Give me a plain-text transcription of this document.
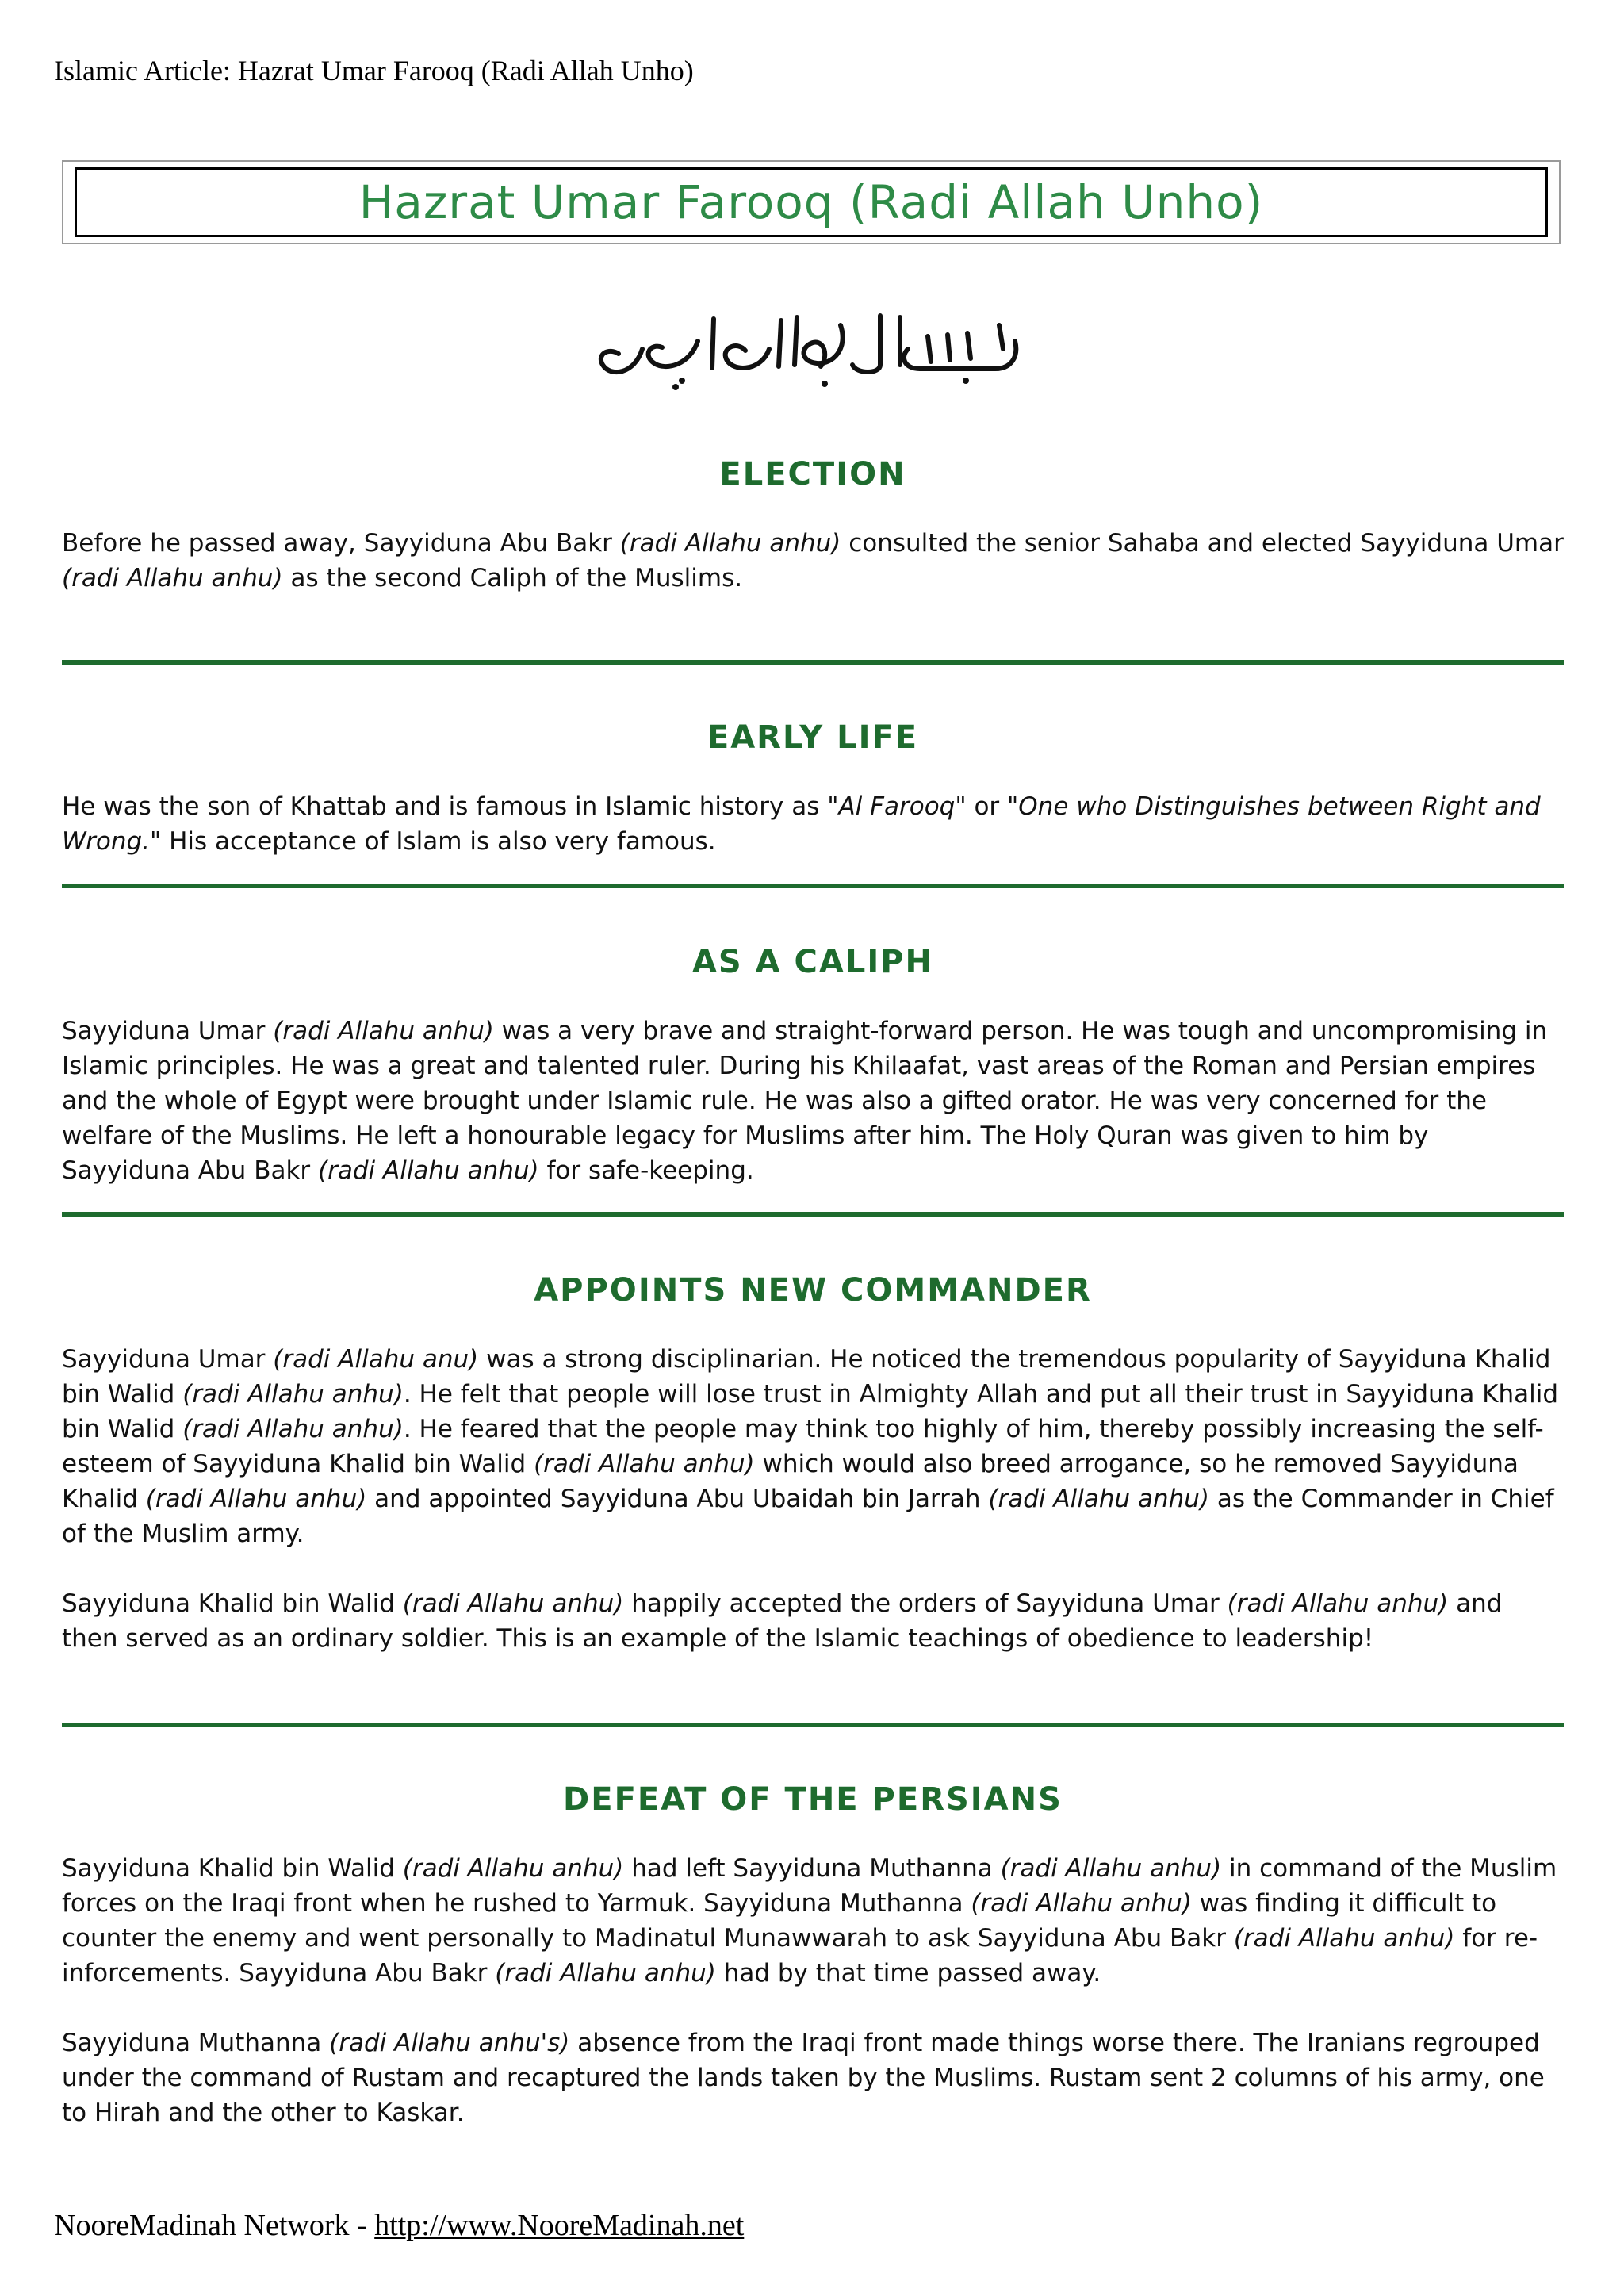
Islamic Article: Hazrat Umar Farooq (Radi Allah Unho)
Hazrat Umar Farooq (Radi Allah Unho)
ELECTION

Before he passed away, Sayyiduna Abu Bakr (radi Allahu anhu) consulted the senior Sahaba and elected Sayyiduna Umar (radi Allahu anhu) as the second Caliph of the Muslims.

EARLY LIFE

He was the son of Khattab and is famous in Islamic history as "Al Farooq" or "One who Distinguishes between Right and Wrong." His acceptance of Islam is also very famous.

AS A CALIPH

Sayyiduna Umar (radi Allahu anhu) was a very brave and straight-forward person. He was tough and uncompromising in Islamic principles. He was a great and talented ruler. During his Khilaafat, vast areas of the Roman and Persian empires and the whole of Egypt were brought under Islamic rule. He was also a gifted orator. He was very concerned for the welfare of the Muslims. He left a honourable legacy for Muslims after him. The Holy Quran was given to him by Sayyiduna Abu Bakr (radi Allahu anhu) for safe-keeping.

APPOINTS NEW COMMANDER

Sayyiduna Umar (radi Allahu anu) was a strong disciplinarian. He noticed the tremendous popularity of Sayyiduna Khalid bin Walid (radi Allahu anhu). He felt that people will lose trust in Almighty Allah and put all their trust in Sayyiduna Khalid bin Walid (radi Allahu anhu). He feared that the people may think too highly of him, thereby possibly increasing the self-esteem of Sayyiduna Khalid bin Walid (radi Allahu anhu) which would also breed arrogance, so he removed Sayyiduna Khalid (radi Allahu anhu) and appointed Sayyiduna Abu Ubaidah bin Jarrah (radi Allahu anhu) as the Commander in Chief of the Muslim army.

Sayyiduna Khalid bin Walid (radi Allahu anhu) happily accepted the orders of Sayyiduna Umar (radi Allahu anhu) and then served as an ordinary soldier. This is an example of the Islamic teachings of obedience to leadership!

DEFEAT OF THE PERSIANS

Sayyiduna Khalid bin Walid (radi Allahu anhu) had left Sayyiduna Muthanna (radi Allahu anhu) in command of the Muslim forces on the Iraqi front when he rushed to Yarmuk. Sayyiduna Muthanna (radi Allahu anhu) was finding it difficult to counter the enemy and went personally to Madinatul Munawwarah to ask Sayyiduna Abu Bakr (radi Allahu anhu) for re-inforcements. Sayyiduna Abu Bakr (radi Allahu anhu) had by that time passed away.

Sayyiduna Muthanna (radi Allahu anhu's) absence from the Iraqi front made things worse there. The Iranians regrouped under the command of Rustam and recaptured the lands taken by the Muslims. Rustam sent 2 columns of his army, one to Hirah and the other to Kaskar.

NooreMadinah Network - http://www.NooreMadinah.net
